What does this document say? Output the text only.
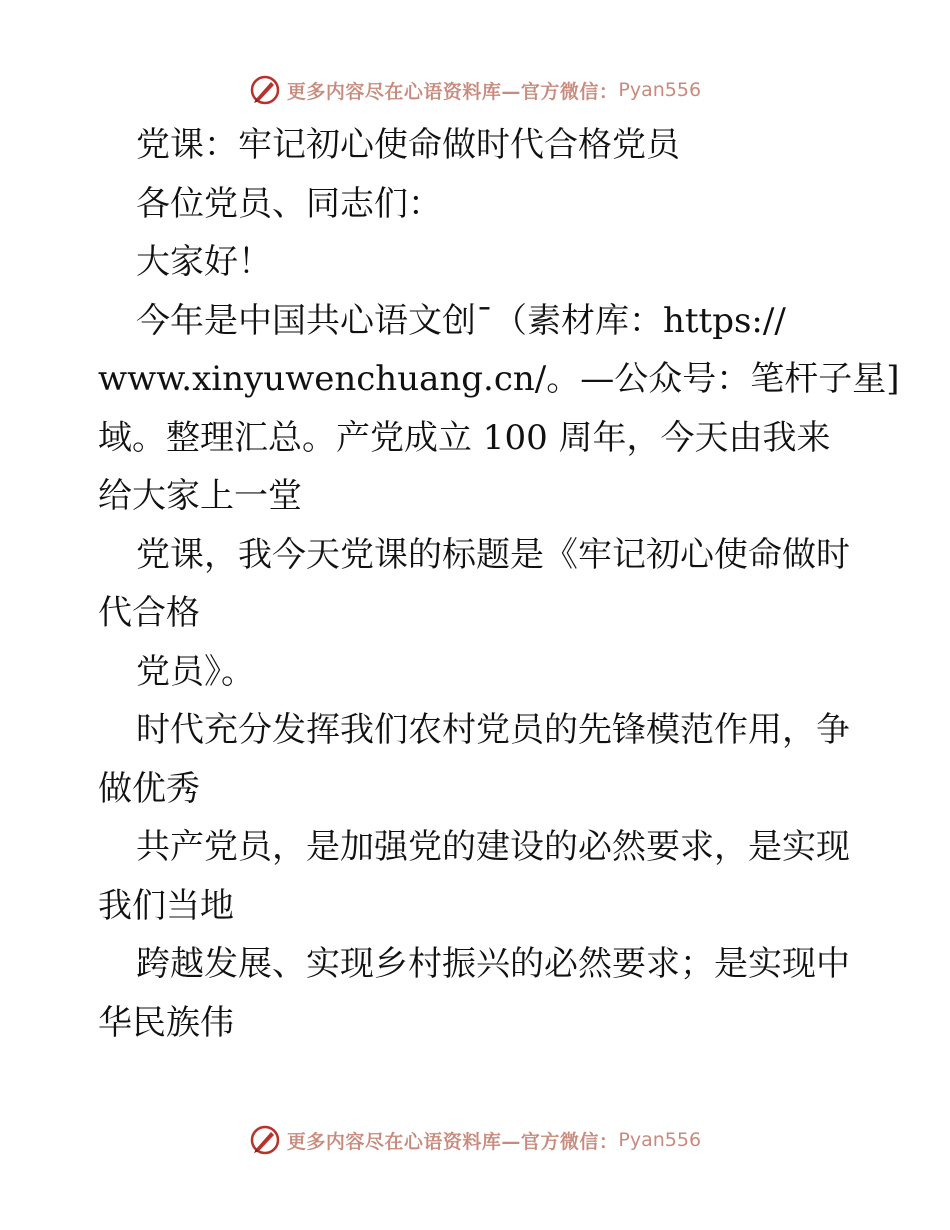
更多内容尽在心语资料库—官方微信： Pyan556

党课：牢记初心使命做时代合格党员

各位党员、同志们：

大家好！

今年是中国共心语文创¯（素材库：https://

www.xinyuwenchuang.cn/。—公众号：笔杆子星]

域。整理汇总。产党成立 100 周年，今天由我来

给大家上一堂

党课，我今天党课的标题是《牢记初心使命做时

代合格

党员》。

时代充分发挥我们农村党员的先锋模范作用，争

做优秀

共产党员，是加强党的建设的必然要求，是实现

我们当地

跨越发展、实现乡村振兴的必然要求；是实现中

华民族伟

更多内容尽在心语资料库—官方微信： Pyan556
